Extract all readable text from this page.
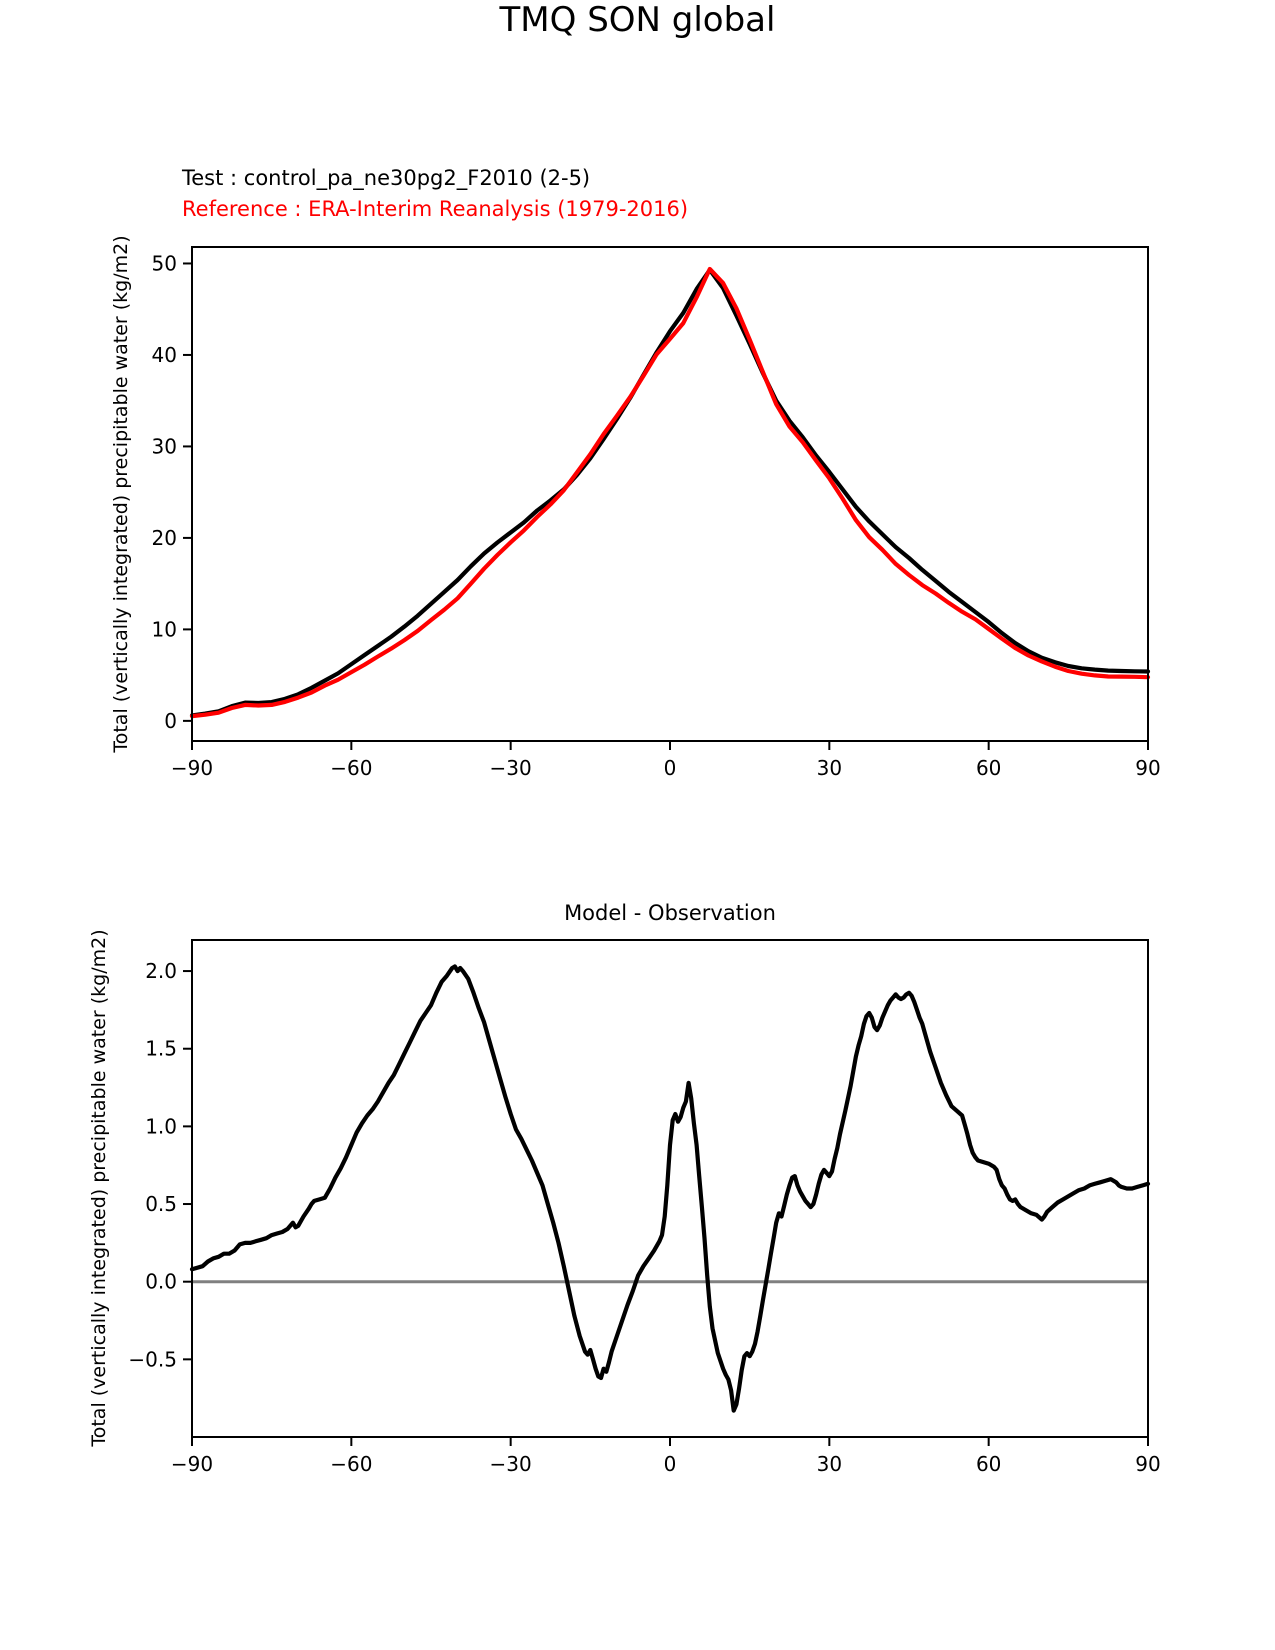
−90	−60	−30	0	30	60	90
0
10
20
30
40
50
−90	−60	−30	0	30	60	90
−0.5
0.0
0.5
1.0
1.5
2.0
TMQ SON global
Test : control_pa_ne30pg2_F2010 (2-5)
Reference : ERA-Interim Reanalysis (1979-2016)
Model - Observation
Total (vertically integrated) precipitable water (kg/m2)
Total (vertically integrated) precipitable water (kg/m2)
